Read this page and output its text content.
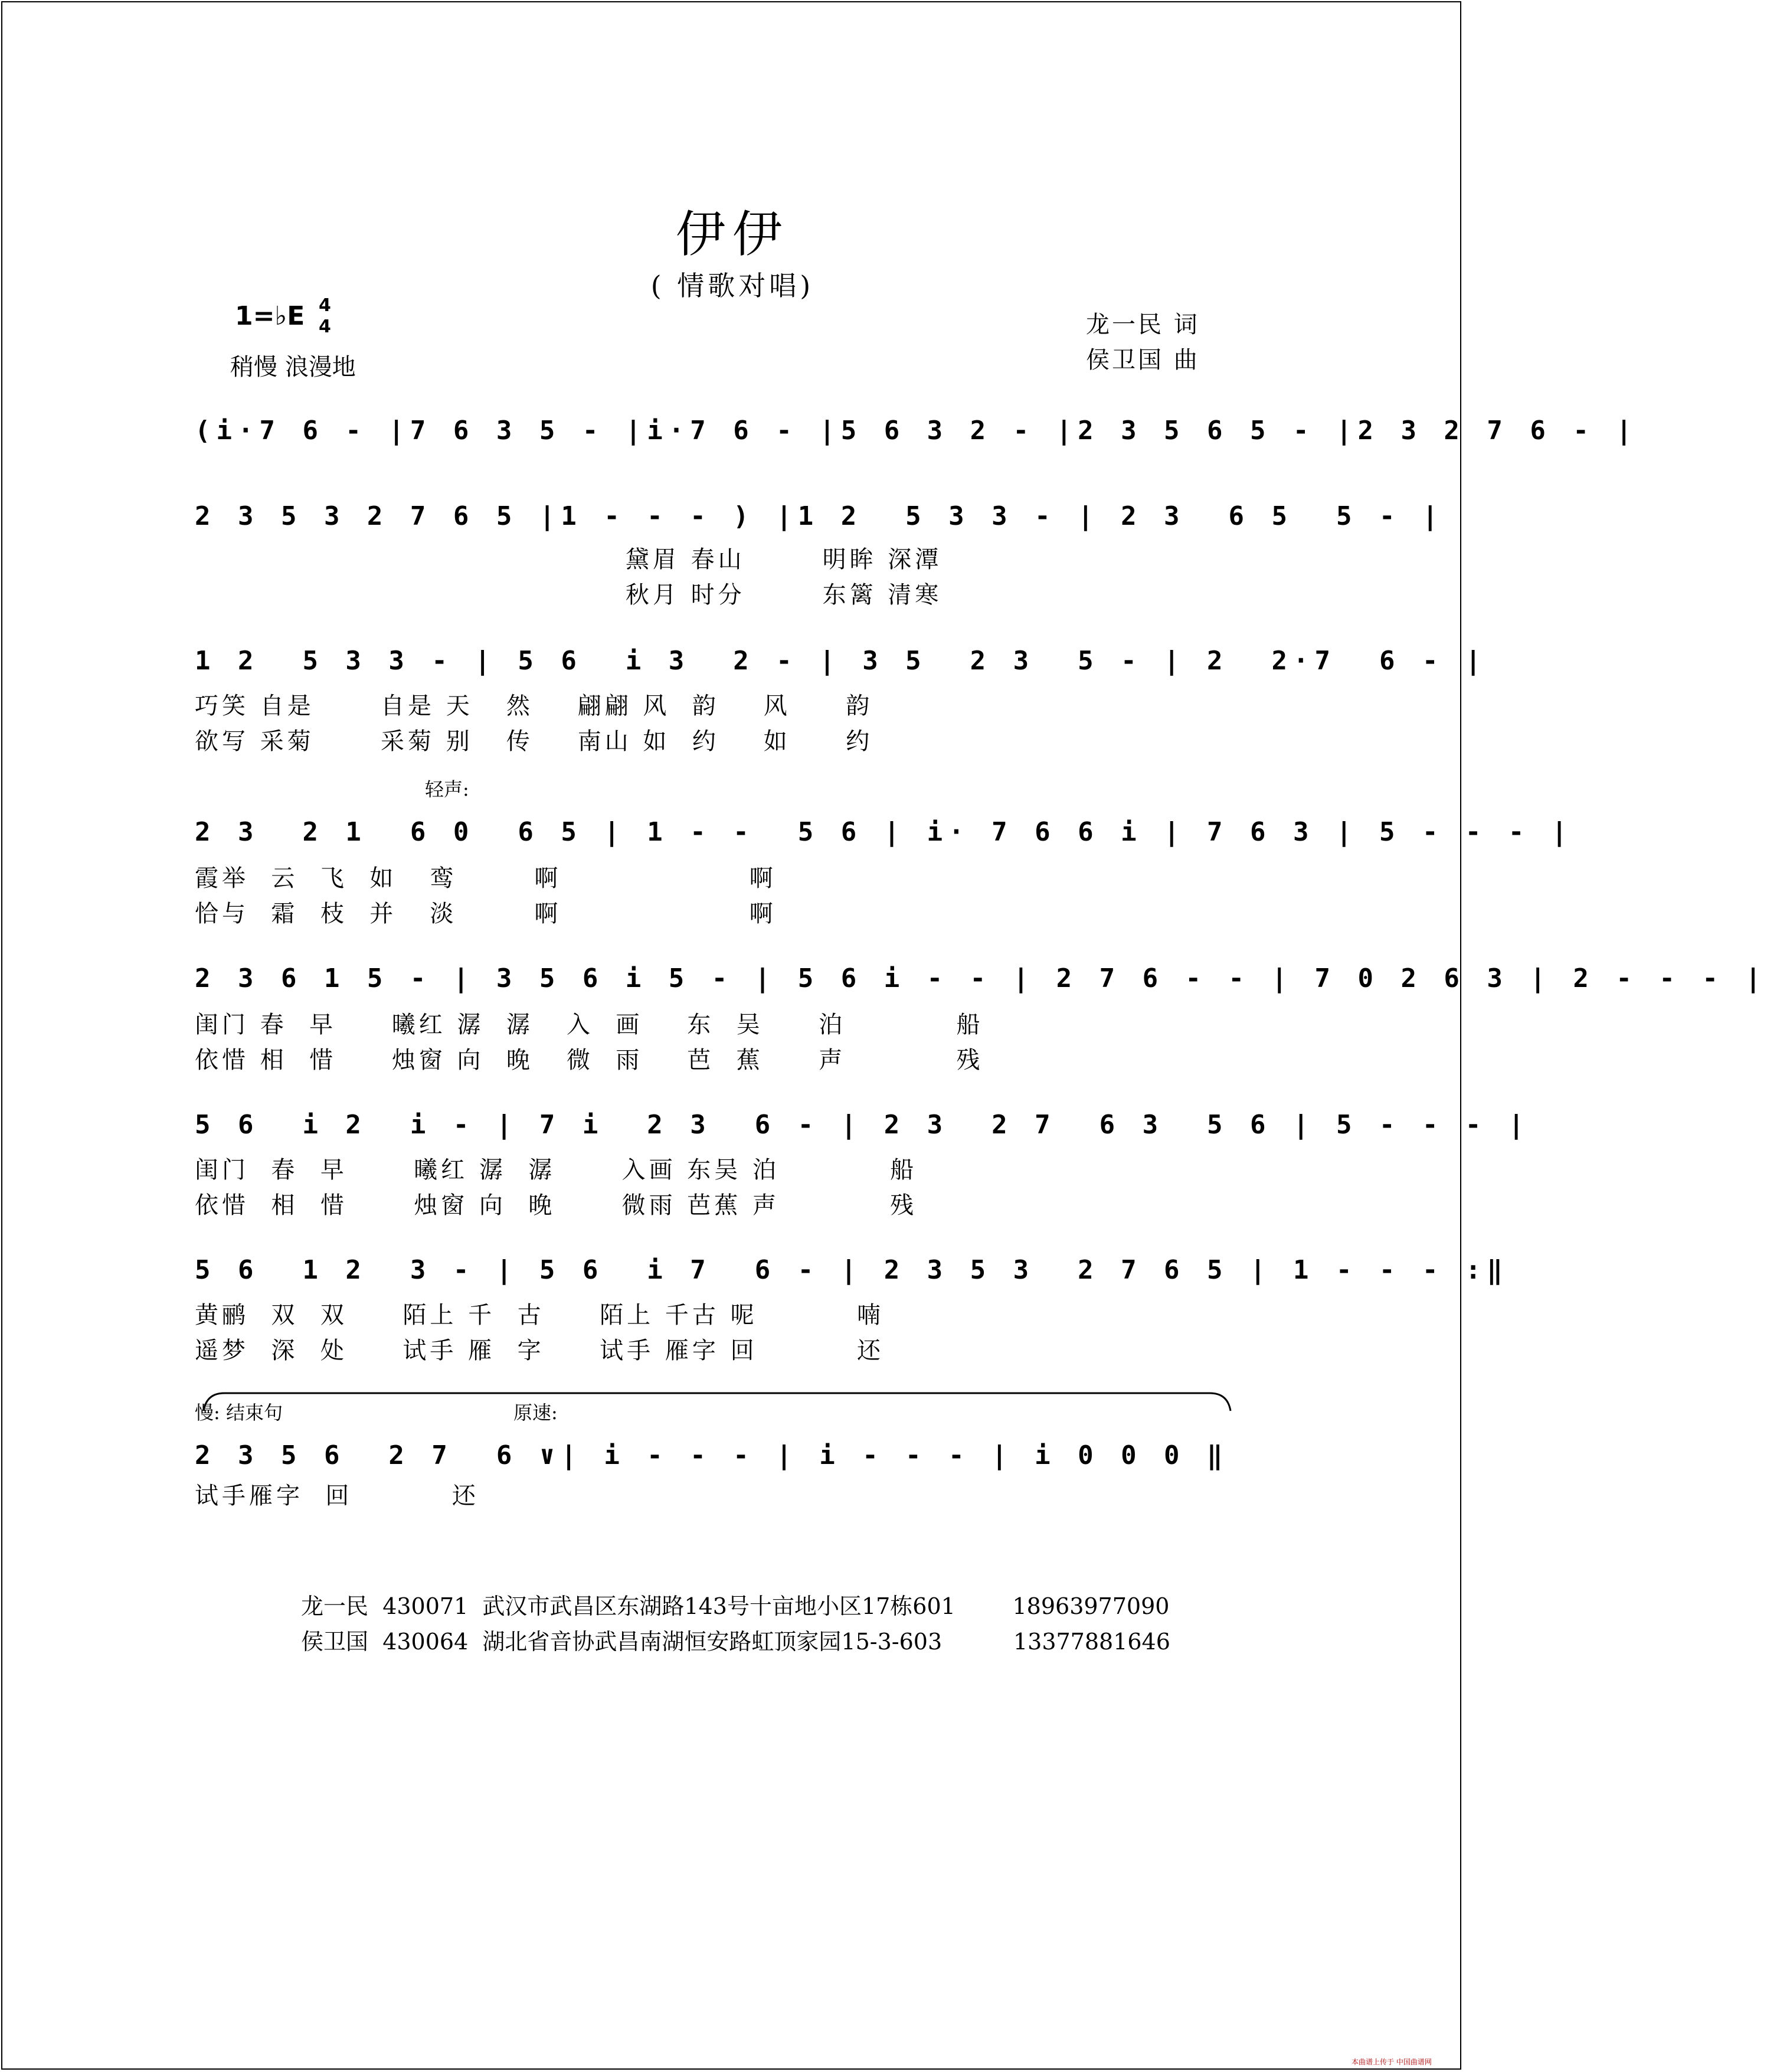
伊伊
( 情歌对唱)
1=♭E 4
4
稍慢 浪漫地
龙一民 词
侯卫国 曲
(i·7 6 - |7 6 3 5 - |i·7 6 - |5 6 3 2 - |2 3 5 6 5 - |2 3 2 7 6 - |
2 3 5 3 2 7 6 5 |1 - - - ) |1 2  5 3 3 - | 2 3  6 5  5 - |
黛眉 春山       明眸 深潭
秋月 时分       东篱 清寒
1 2  5 3 3 - | 5 6  i 3  2 - | 3 5  2 3  5 - | 2  2·7  6 - |
巧笑 自是      自是 天   然    翩翩 风  韵    风     韵
欲写 采菊      采菊 别   传    南山 如  约    如     约
轻声:
2 3  2 1  6 0  6 5 | 1 - -  5 6 | i· 7 6 6 i | 7 6 3 | 5 - - - |
霞举  云  飞  如   鸾       啊                 啊
恰与  霜  枝  并   淡       啊                 啊
2 3 6 1 5 - | 3 5 6 i 5 - | 5 6 i - - | 2 7 6 - - | 7 0 2 6 3 | 2 - - - |
闺门 春  早     曦红 潺  潺   入  画    东  吴     泊          船
依惜 相  惜     烛窗 向  晚   微  雨    芭  蕉     声          残
5 6  i 2  i - | 7 i  2 3  6 - | 2 3  2 7  6 3  5 6 | 5 - - - |
闺门  春  早      曦红 潺  潺      入画 东吴 泊          船
依惜  相  惜      烛窗 向  晚      微雨 芭蕉 声          残
5 6  1 2  3 - | 5 6  i 7  6 - | 2 3 5 3  2 7 6 5 | 1 - - - :‖
黄鹂  双  双     陌上 千  古     陌上 千古 呢         喃
遥梦  深  处     试手 雁  字     试手 雁字 回         还
慢: 结束句	原速:
2 3 5 6  2 7  6 ∨| i - - - | i - - - | i 0 0 0 ‖
试手雁字  回         还
龙一民 430071 武汉市武昌区东湖路143号十亩地小区17栋601	18963977090
侯卫国 430064 湖北省音协武昌南湖恒安路虹顶家园15-3-603	13377881646
本曲谱上传于 中国曲谱网
